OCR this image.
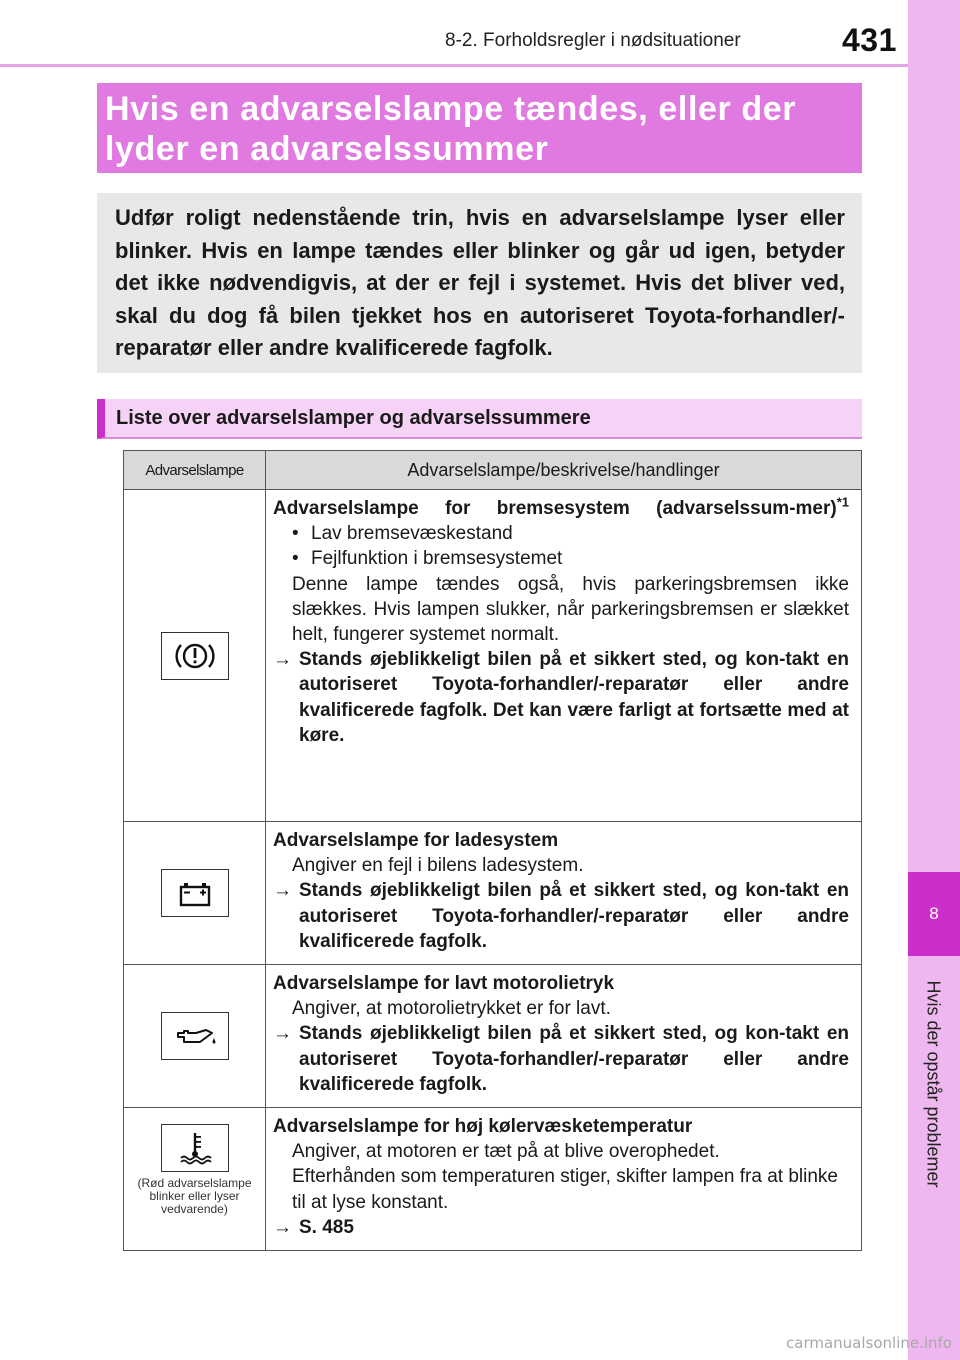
8-2. Forholdsregler i nødsituationer	431
8
Hvis der opstår problemer
Hvis en advarselslampe tændes, eller der
lyder en advarselssummer
Udfør roligt nedenstående trin, hvis en advarselslampe lyser eller blinker. Hvis en lampe tændes eller blinker og går ud igen, betyder det ikke nødvendigvis, at der er fejl i systemet. Hvis det bliver ved, skal du dog få bilen tjekket hos en autoriseret Toyota-forhandler/-reparatør eller andre kvalificerede fagfolk.
Liste over advarselslamper og advarselssummere
Advarselslampe	Advarselslampe/beskrivelse/handlinger

Advarselslampe for bremsesystem (advarselssum-mer)$^{*1}$
• Lav bremsevæskestand
• Fejlfunktion i bremsesystemet
Denne lampe tændes også, hvis parkeringsbremsen ikke slækkes. Hvis lampen slukker, når parkeringsbremsen er slækket helt, fungerer systemet normalt.
→ Stands øjeblikkeligt bilen på et sikkert sted, og kon-takt en autoriseret Toyota-forhandler/-reparatør eller andre kvalificerede fagfolk. Det kan være farligt at fortsætte med at køre.

Advarselslampe for ladesystem
Angiver en fejl i bilens ladesystem.
→ Stands øjeblikkeligt bilen på et sikkert sted, og kon-takt en autoriseret Toyota-forhandler/-reparatør eller andre kvalificerede fagfolk.

Advarselslampe for lavt motorolietryk
Angiver, at motorolietrykket er for lavt.
→ Stands øjeblikkeligt bilen på et sikkert sted, og kon-takt en autoriseret Toyota-forhandler/-reparatør eller andre kvalificerede fagfolk.

(Rød advarselslampe blinker eller lyser vedvarende)	Advarselslampe for høj kølervæsketemperatur
Angiver, at motoren er tæt på at blive overophedet.
Efterhånden som temperaturen stiger, skifter lampen fra at blinke til at lyse konstant.
→ S. 485
carmanualsonline.info
